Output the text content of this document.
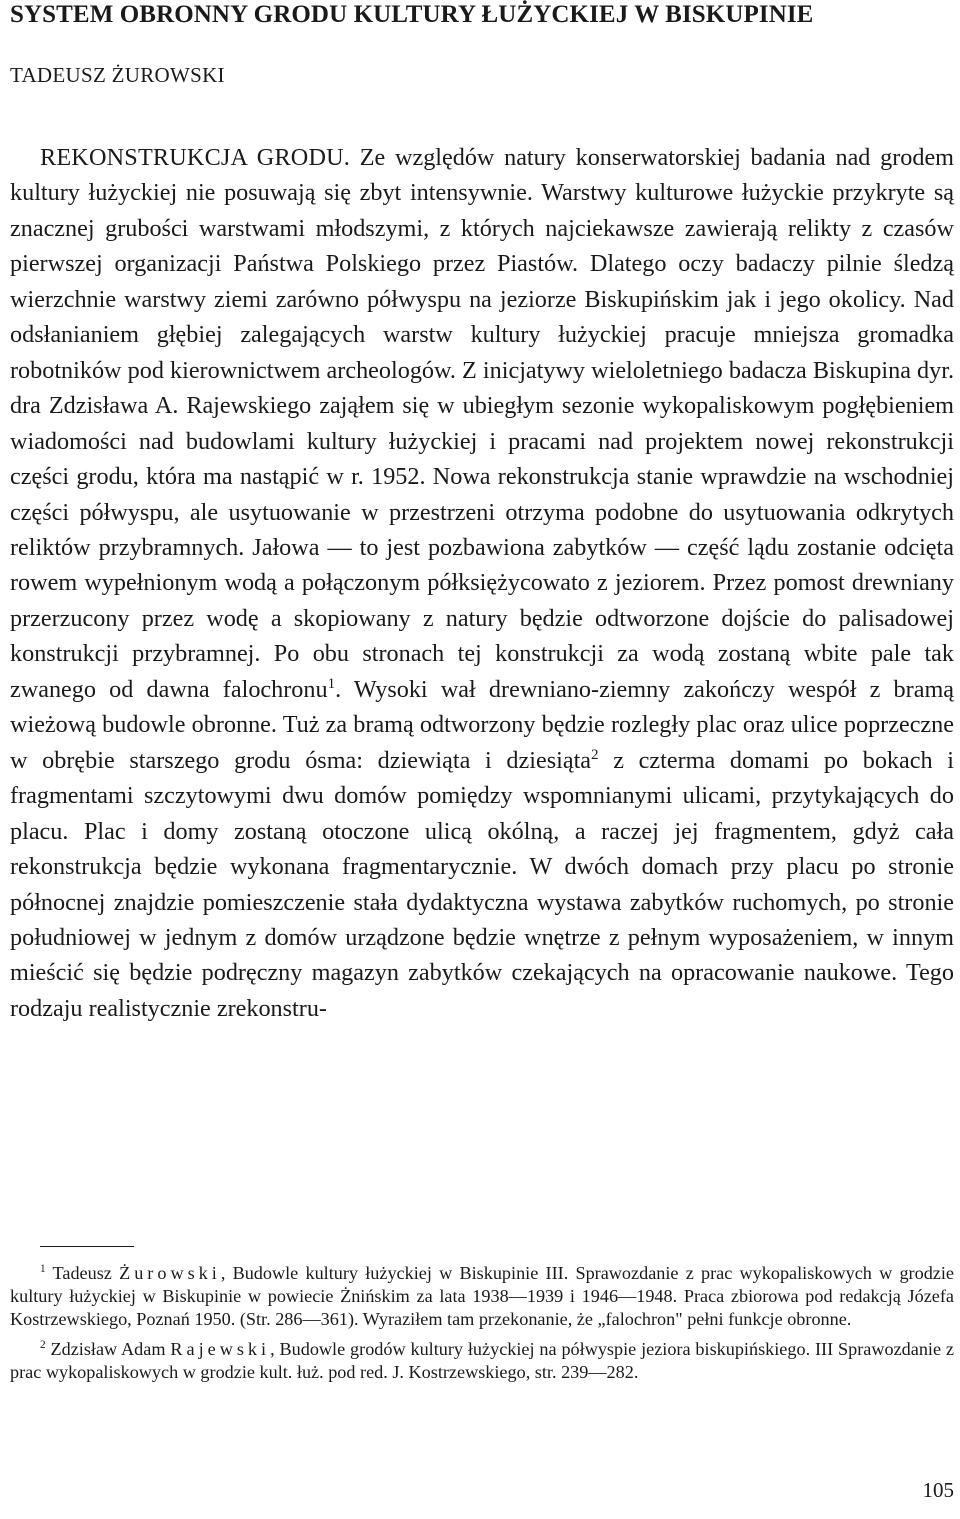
SYSTEM OBRONNY GRODU KULTURY ŁUŻYCKIEJ W BISKUPINIE

TADEUSZ ŻUROWSKI

REKONSTRUKCJA GRODU. Ze względów natury konserwatorskiej badania nad grodem kultury łużyckiej nie posuwają się zbyt intensywnie. Warstwy kulturowe łużyckie przykryte są znacznej grubości warstwami młodszymi, z których najciekawsze zawierają relikty z czasów pierwszej organizacji Państwa Polskiego przez Piastów. Dlatego oczy badaczy pilnie śledzą wierzchnie warstwy ziemi zarówno półwyspu na jeziorze Biskupińskim jak i jego okolicy. Nad odsłanianiem głębiej zalegających warstw kultury łużyckiej pracuje mniejsza gromadka robotników pod kierownictwem archeologów. Z inicjatywy wieloletniego badacza Biskupina dyr. dra Zdzisława A. Rajewskiego zająłem się w ubiegłym sezonie wykopaliskowym pogłębieniem wiadomości nad budowlami kultury łużyckiej i pracami nad projektem nowej rekonstrukcji części grodu, która ma nastąpić w r. 1952. Nowa rekonstrukcja stanie wprawdzie na wschodniej części półwyspu, ale usytuowanie w przestrzeni otrzyma podobne do usytuowania odkrytych reliktów przybramnych. Jałowa — to jest pozbawiona zabytków — część lądu zostanie odcięta rowem wypełnionym wodą a połączonym półksiężycowato z jeziorem. Przez pomost drewniany przerzucony przez wodę a skopiowany z natury będzie odtworzone dojście do palisadowej konstrukcji przybramnej. Po obu stronach tej konstrukcji za wodą zostaną wbite pale tak zwanego od dawna falochronu$^1$. Wysoki wał drewniano-ziemny zakończy wespół z bramą wieżową budowle obronne. Tuż za bramą odtworzony będzie rozległy plac oraz ulice poprzeczne w obrębie starszego grodu ósma: dziewiąta i dziesiąta$^2$ z czterma domami po bokach i fragmentami szczytowymi dwu domów pomiędzy wspomnianymi ulicami, przytykających do placu. Plac i domy zostaną otoczone ulicą okólną, a raczej jej fragmentem, gdyż cała rekonstrukcja będzie wykonana fragmentarycznie. W dwóch domach przy placu po stronie północnej znajdzie pomieszczenie stała dydaktyczna wystawa zabytków ruchomych, po stronie południowej w jednym z domów urządzone będzie wnętrze z pełnym wyposażeniem, w innym mieścić się będzie podręczny magazyn zabytków czekających na opracowanie naukowe. Tego rodzaju realistycznie zrekonstru-

$^1$ Tadeusz Żurowski, Budowle kultury łużyckiej w Biskupinie III. Sprawozdanie z prac wykopaliskowych w grodzie kultury łużyckiej w Biskupinie w powiecie Żnińskim za lata 1938—1939 i 1946—1948. Praca zbiorowa pod redakcją Józefa Kostrzewskiego, Poznań 1950. (Str. 286—361). Wyraziłem tam przekonanie, że „falochron" pełni funkcje obronne.

$^2$ Zdzisław Adam Rajewski, Budowle grodów kultury łużyckiej na półwyspie jeziora biskupińskiego. III Sprawozdanie z prac wykopaliskowych w grodzie kult. łuż. pod red. J. Kostrzewskiego, str. 239—282.

105
